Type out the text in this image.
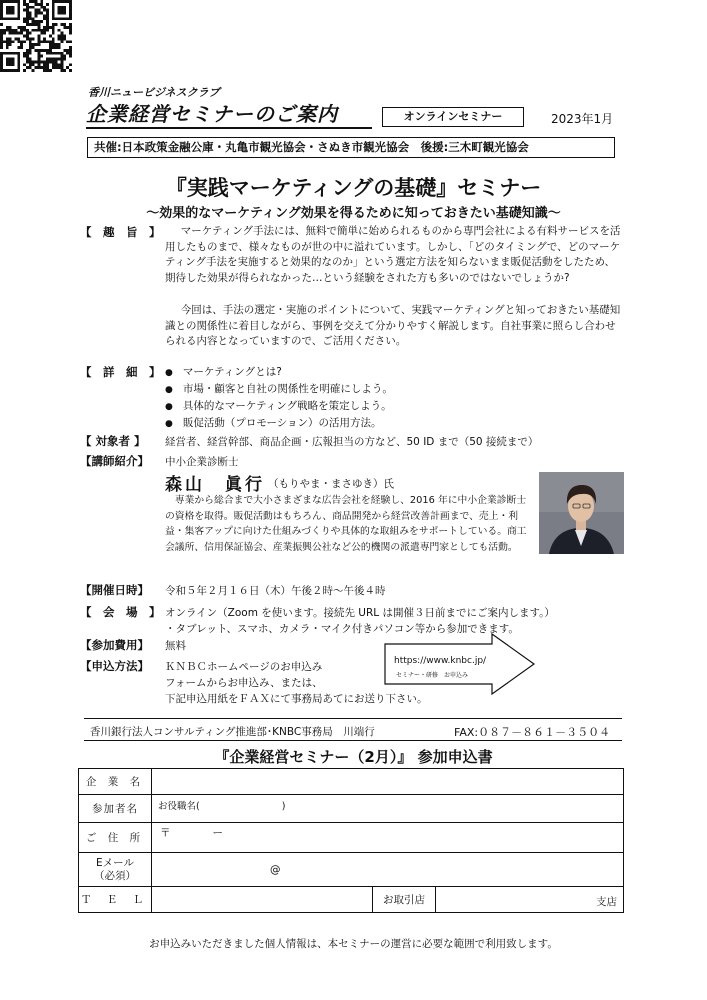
香川ニュービジネスクラブ
企業経営セミナーのご案内	オンラインセミナー	2023年1月
共催:日本政策金融公庫・丸亀市観光協会・さぬき市観光協会　後援:三木町観光協会
『実践マーケティングの基礎』セミナー
～効果的なマーケティング効果を得るために知っておきたい基礎知識～
【　趣　旨　】	マーケティング手法には、無料で簡単に始められるものから専門会社による有料サービスを活用したものまで、様々なものが世の中に溢れています。しかし、「どのタイミングで、どのマーケティング手法を実施すると効果的なのか」という選定方法を知らないまま販促活動をしたため、期待した効果が得られなかった…という経験をされた方も多いのではないでしょうか?
今回は、手法の選定・実施のポイントについて、実践マーケティングと知っておきたい基礎知識との関係性に着目しながら、事例を交えて分かりやすく解説します。自社事業に照らし合わせられる内容となっていますので、ご活用ください。
【　詳　細　】	● マーケティングとは?
● 市場・顧客と自社の関係性を明確にしよう。
● 具体的なマーケティング戦略を策定しよう。
● 販促活動（プロモーション）の活用方法。
【 対象者 】 経営者、経営幹部、商品企画・広報担当の方など、50 ID まで（50 接続まで）
【講師紹介】 中小企業診断士
森山　眞行 （もりやま・まさゆき）氏
専業から総合まで大小さまざまな広告会社を経験し、2016 年に中小企業診断士の資格を取得。販促活動はもちろん、商品開発から経営改善計画まで、売上・利益・集客アップに向けた仕組みづくりや具体的な取組みをサポートしている。商工会議所、信用保証協会、産業振興公社など公的機関の派遣専門家としても活動。
【開催日時】 令和５年２月１６日（木）午後２時～午後４時
【　会　場　】 オンライン（Zoom を使います。接続先 URL は開催３日前までにご案内します。）
・タブレット、スマホ、カメラ・マイク付きパソコン等から参加できます。
【参加費用】 無料
【申込方法】 ＫＮＢＣホームページのお申込み
フォームからお申込み、または、
下記申込用紙をＦＡＸにて事務局あてにお送り下さい。
https://www.knbc.jp/
セミナー・研修　お申込み
香川銀行法人コンサルティング推進部･KNBC事務局　川端行	FAX:０８７－８６１－３５０４
『企業経営セミナー（2月）』 参加申込書
企 業 名			
参加者名	お役職名( )		
ご 住 所	〒　　　　ー		
Eメール
（必須）	@		
Ｔ Ｅ Ｌ		お取引店	支店
お申込みいただきました個人情報は、本セミナーの運営に必要な範囲で利用致します。
